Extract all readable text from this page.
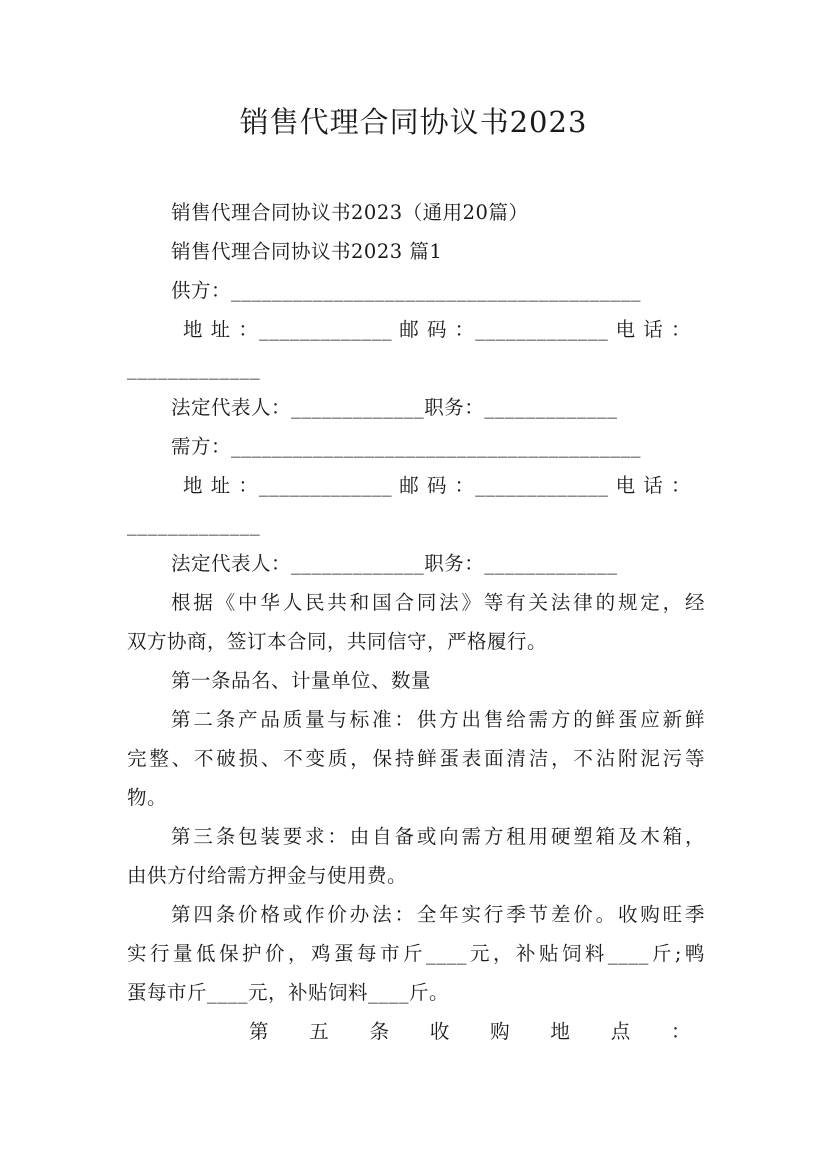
销售代理合同协议书2023
销售代理合同协议书2023（通用20篇）
销售代理合同协议书2023 篇1
供方：________________________________________
地 址 ：_____________ 邮 码 ：_____________ 电 话 ：
_____________
法定代表人：_____________职务：_____________
需方：________________________________________
地 址 ：_____________ 邮 码 ：_____________ 电 话 ：
_____________
法定代表人：_____________职务：_____________
根据《中华人民共和国合同法》等有关法律的规定，经
双方协商，签订本合同，共同信守，严格履行。
第一条品名、计量单位、数量
第二条产品质量与标准：供方出售给需方的鲜蛋应新鲜
完整、不破损、不变质，保持鲜蛋表面清洁，不沾附泥污等
物。
第三条包装要求：由自备或向需方租用硬塑箱及木箱，
由供方付给需方押金与使用费。
第四条价格或作价办法：全年实行季节差价。收购旺季
实行量低保护价，鸡蛋每市斤____元，补贴饲料____斤;鸭
蛋每市斤____元，补贴饲料____斤。
第 五 条 收 购 地 点 ：
